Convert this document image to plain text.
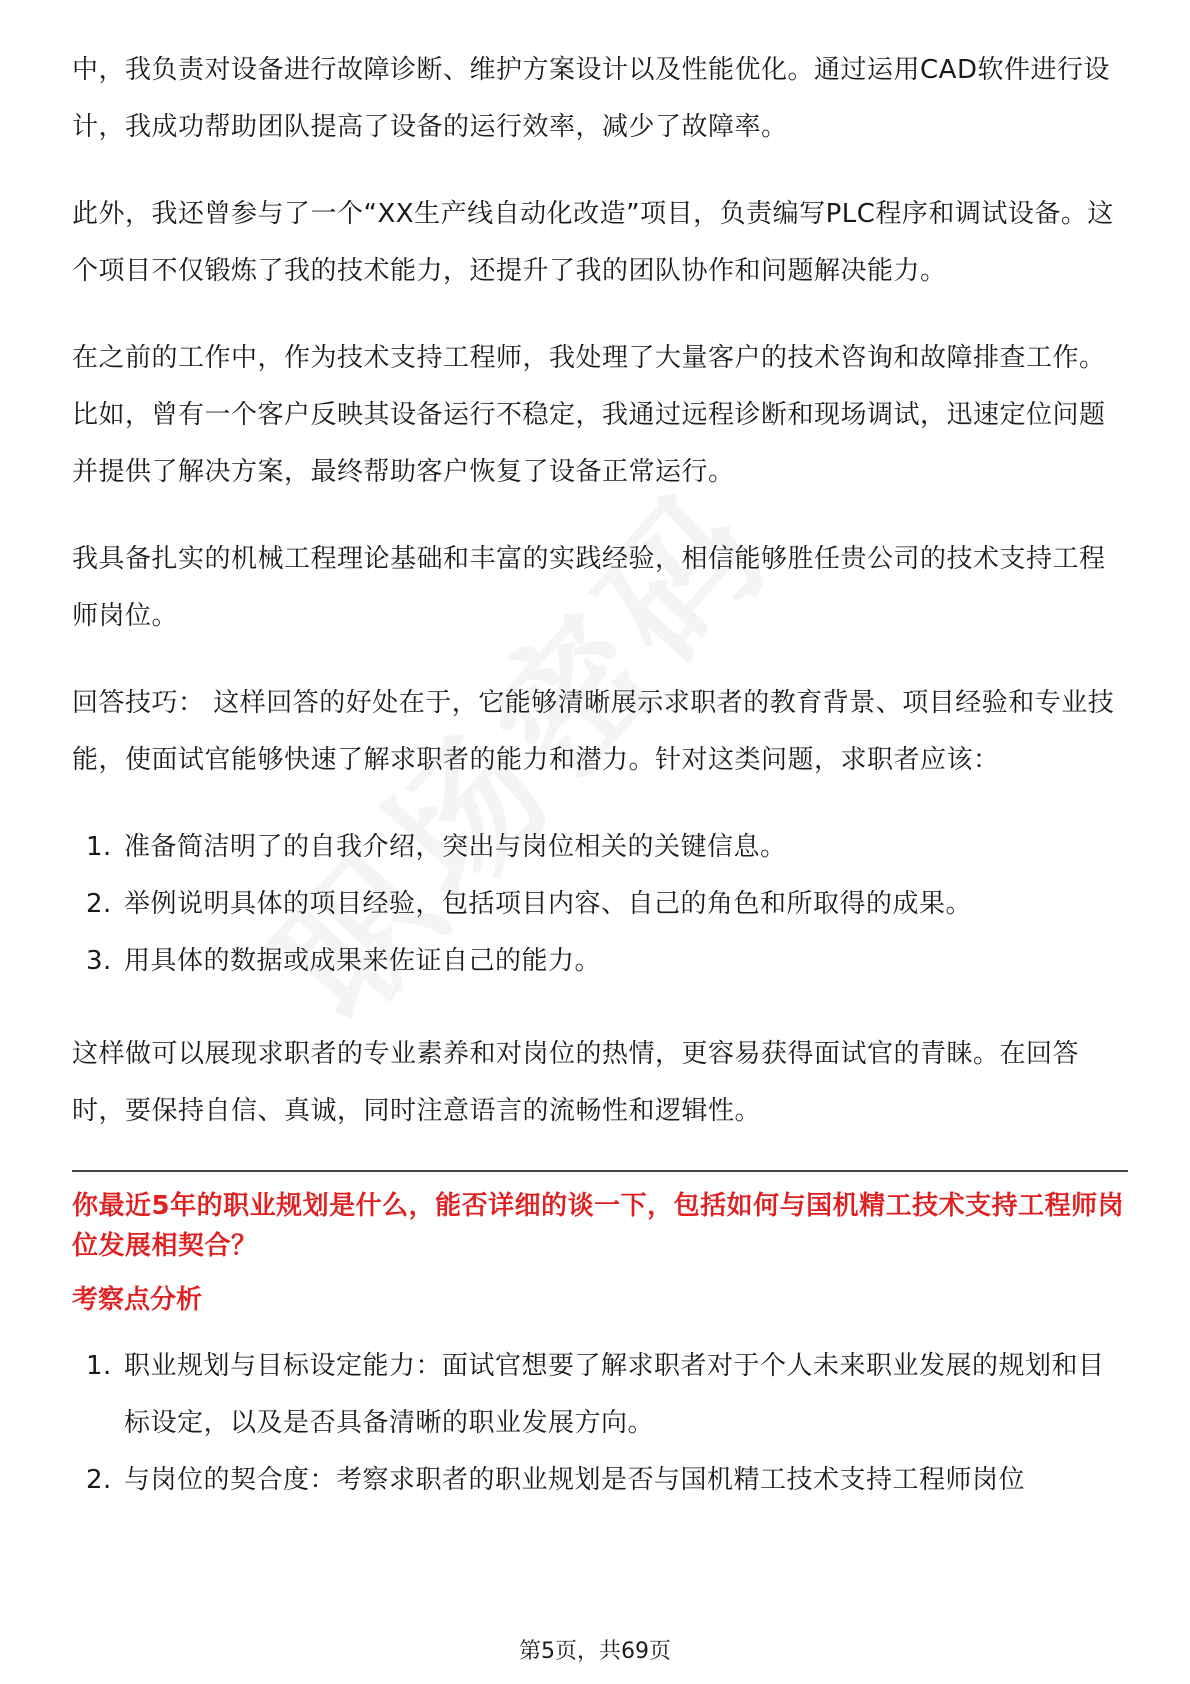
中，我负责对设备进行故障诊断、维护方案设计以及性能优化。通过运用CAD软件进行设计，我成功帮助团队提高了设备的运行效率，减少了故障率。

此外，我还曾参与了一个“XX生产线自动化改造”项目，负责编写PLC程序和调试设备。这个项目不仅锻炼了我的技术能力，还提升了我的团队协作和问题解决能力。

在之前的工作中，作为技术支持工程师，我处理了大量客户的技术咨询和故障排查工作。比如，曾有一个客户反映其设备运行不稳定，我通过远程诊断和现场调试，迅速定位问题并提供了解决方案，最终帮助客户恢复了设备正常运行。

我具备扎实的机械工程理论基础和丰富的实践经验，相信能够胜任贵公司的技术支持工程师岗位。

回答技巧： 这样回答的好处在于，它能够清晰展示求职者的教育背景、项目经验和专业技能，使面试官能够快速了解求职者的能力和潜力。针对这类问题，求职者应该：

1. 准备简洁明了的自我介绍，突出与岗位相关的关键信息。
2. 举例说明具体的项目经验，包括项目内容、自己的角色和所取得的成果。
3. 用具体的数据或成果来佐证自己的能力。

这样做可以展现求职者的专业素养和对岗位的热情，更容易获得面试官的青睐。在回答时，要保持自信、真诚，同时注意语言的流畅性和逻辑性。

你最近5年的职业规划是什么，能否详细的谈一下，包括如何与国机精工技术支持工程师岗位发展相契合？
考察点分析
1. 职业规划与目标设定能力：面试官想要了解求职者对于个人未来职业发展的规划和目标设定，以及是否具备清晰的职业发展方向。
2. 与岗位的契合度：考察求职者的职业规划是否与国机精工技术支持工程师岗位
第5页，共69页
